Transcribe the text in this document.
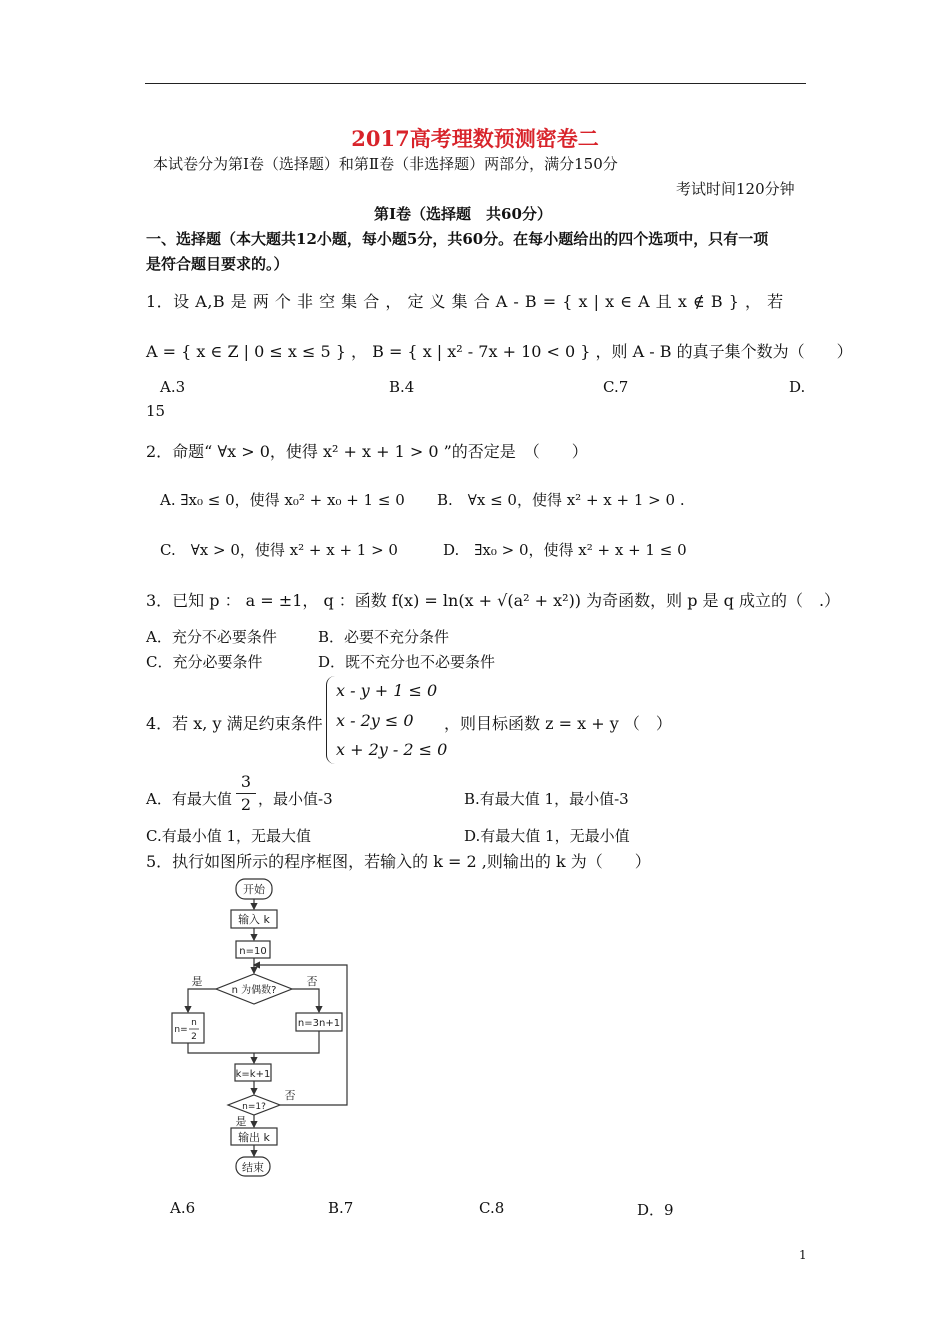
2017高考理数预测密卷二
本试卷分为第Ⅰ卷（选择题）和第Ⅱ卷（非选择题）两部分，满分150分
考试时间120分钟
第Ⅰ卷（选择题　共60分）
一、选择题（本大题共12小题，每小题5分，共60分。在每小题给出的四个选项中，只有一项
是符合题目要求的。）
1．设 A,B 是 两 个 非 空 集 合 ， 定 义 集 合 A - B = { x | x ∈ A 且 x ∉ B } ， 若
A = { x ∈ Z | 0 ≤ x ≤ 5 } ， B = { x | x² - 7x + 10 < 0 } ，则 A - B 的真子集个数为（　　）
A.3	B.4	C.7	D.
15
2．命题“ ∀x > 0，使得 x² + x + 1 > 0 ”的否定是　（　　）
A. ∃x₀ ≤ 0，使得 x₀² + x₀ + 1 ≤ 0 B.　∀x ≤ 0，使得 x² + x + 1 > 0 .
C.　∀x > 0，使得 x² + x + 1 > 0	D.　∃x₀ > 0，使得 x² + x + 1 ≤ 0
3．已知 p ： a = ±1， q ：函数 f(x) = ln(x + √(a² + x²)) 为奇函数，则 p 是 q 成立的（　.）
A．充分不必要条件	B．必要不充分条件
C．充分必要条件	D．既不充分也不必要条件
4．若 x, y 满足约束条件
x - y + 1 ≤ 0
x - 2y ≤ 0
x + 2y - 2 ≤ 0
，则目标函数 z = x + y （　）
A．有最大值
3
2 ，最小值-3	B.有最大值 1，最小值-3
C.有最小值 1，无最大值	D.有最大值 1，无最小值
5．执行如图所示的程序框图，若输入的 k = 2 ,则输出的 k 为（　　）
开始
输入 k
n=10
n 为偶数?
是	否
n=
n
2
n=3n+1
k=k+1
n=1?
是
否
输出 k
结束
A.6	B.7	C.8	D．9
1
